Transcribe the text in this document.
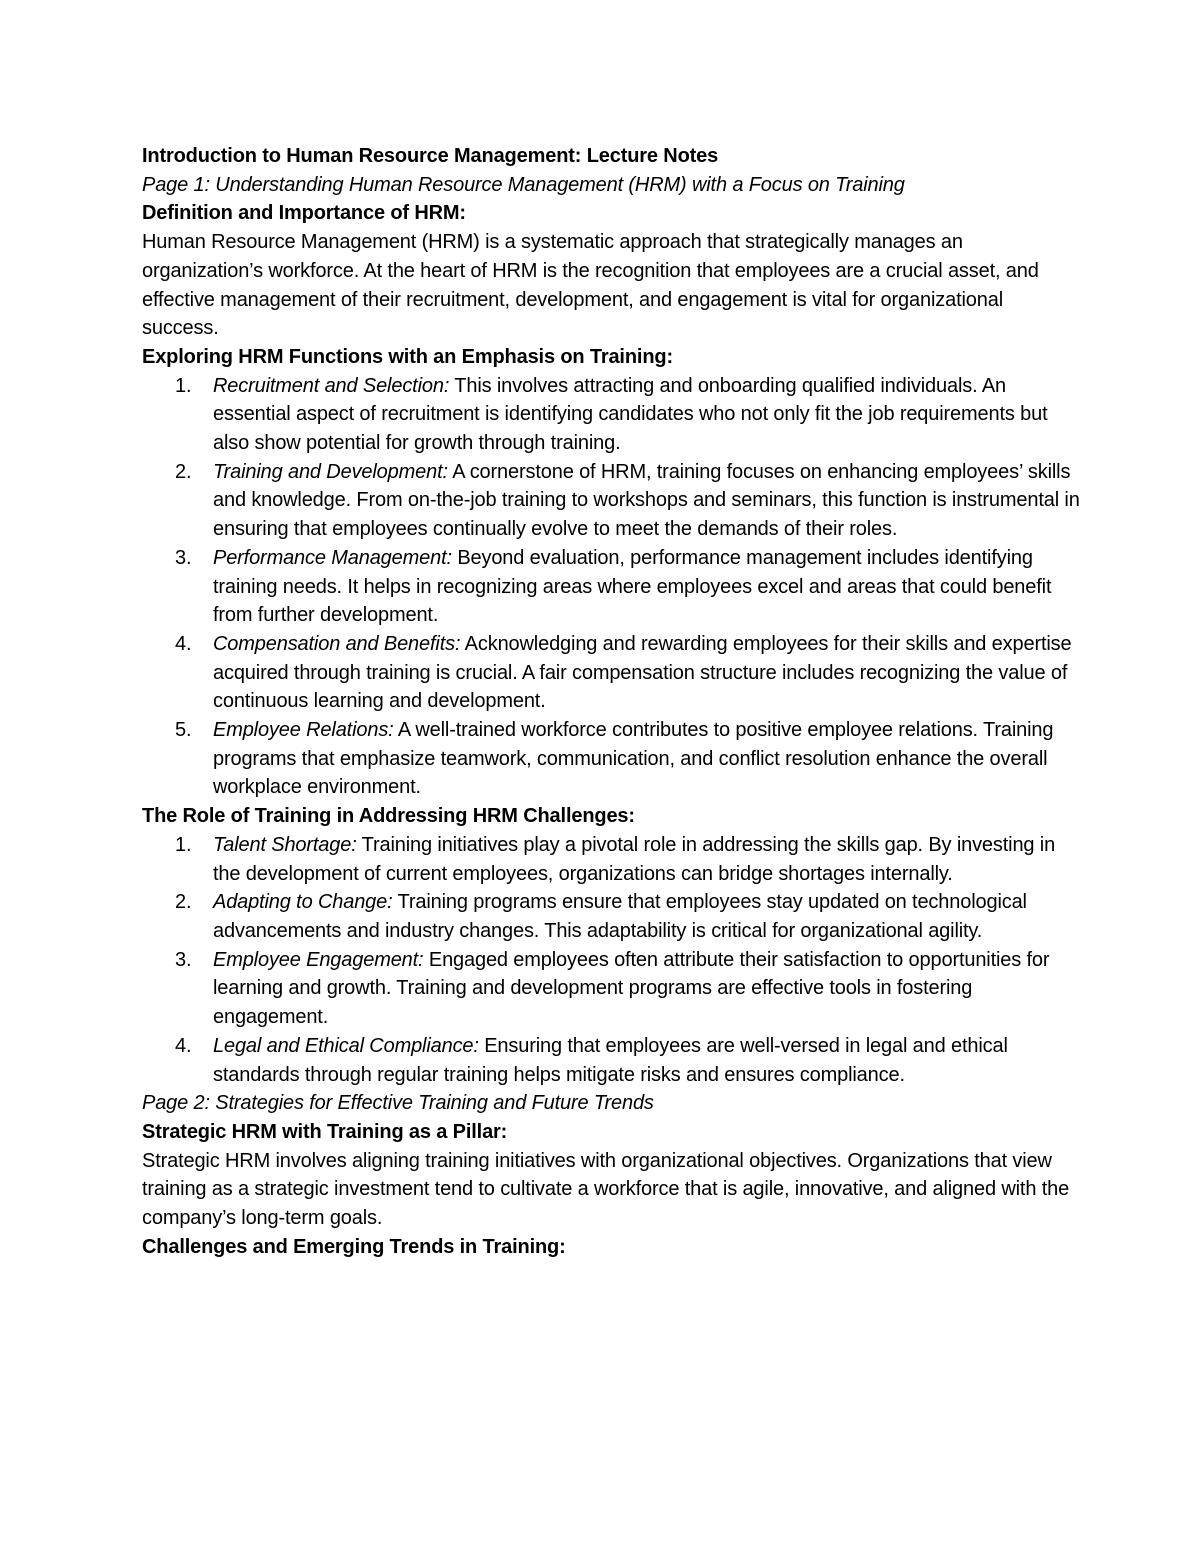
Introduction to Human Resource Management: Lecture Notes

Page 1: Understanding Human Resource Management (HRM) with a Focus on Training

Definition and Importance of HRM:

Human Resource Management (HRM) is a systematic approach that strategically manages an organization’s workforce. At the heart of HRM is the recognition that employees are a crucial asset, and effective management of their recruitment, development, and engagement is vital for organizational success.

Exploring HRM Functions with an Emphasis on Training:

1. Recruitment and Selection: This involves attracting and onboarding qualified individuals. An essential aspect of recruitment is identifying candidates who not only fit the job requirements but also show potential for growth through training.
2. Training and Development: A cornerstone of HRM, training focuses on enhancing employees’ skills and knowledge. From on-the-job training to workshops and seminars, this function is instrumental in ensuring that employees continually evolve to meet the demands of their roles.
3. Performance Management: Beyond evaluation, performance management includes identifying training needs. It helps in recognizing areas where employees excel and areas that could benefit from further development.
4. Compensation and Benefits: Acknowledging and rewarding employees for their skills and expertise acquired through training is crucial. A fair compensation structure includes recognizing the value of continuous learning and development.
5. Employee Relations: A well-trained workforce contributes to positive employee relations. Training programs that emphasize teamwork, communication, and conflict resolution enhance the overall workplace environment.

The Role of Training in Addressing HRM Challenges:

1. Talent Shortage: Training initiatives play a pivotal role in addressing the skills gap. By investing in the development of current employees, organizations can bridge shortages internally.
2. Adapting to Change: Training programs ensure that employees stay updated on technological advancements and industry changes. This adaptability is critical for organizational agility.
3. Employee Engagement: Engaged employees often attribute their satisfaction to opportunities for learning and growth. Training and development programs are effective tools in fostering engagement.
4. Legal and Ethical Compliance: Ensuring that employees are well-versed in legal and ethical standards through regular training helps mitigate risks and ensures compliance.

Page 2: Strategies for Effective Training and Future Trends

Strategic HRM with Training as a Pillar:

Strategic HRM involves aligning training initiatives with organizational objectives. Organizations that view training as a strategic investment tend to cultivate a workforce that is agile, innovative, and aligned with the company’s long-term goals.

Challenges and Emerging Trends in Training:
